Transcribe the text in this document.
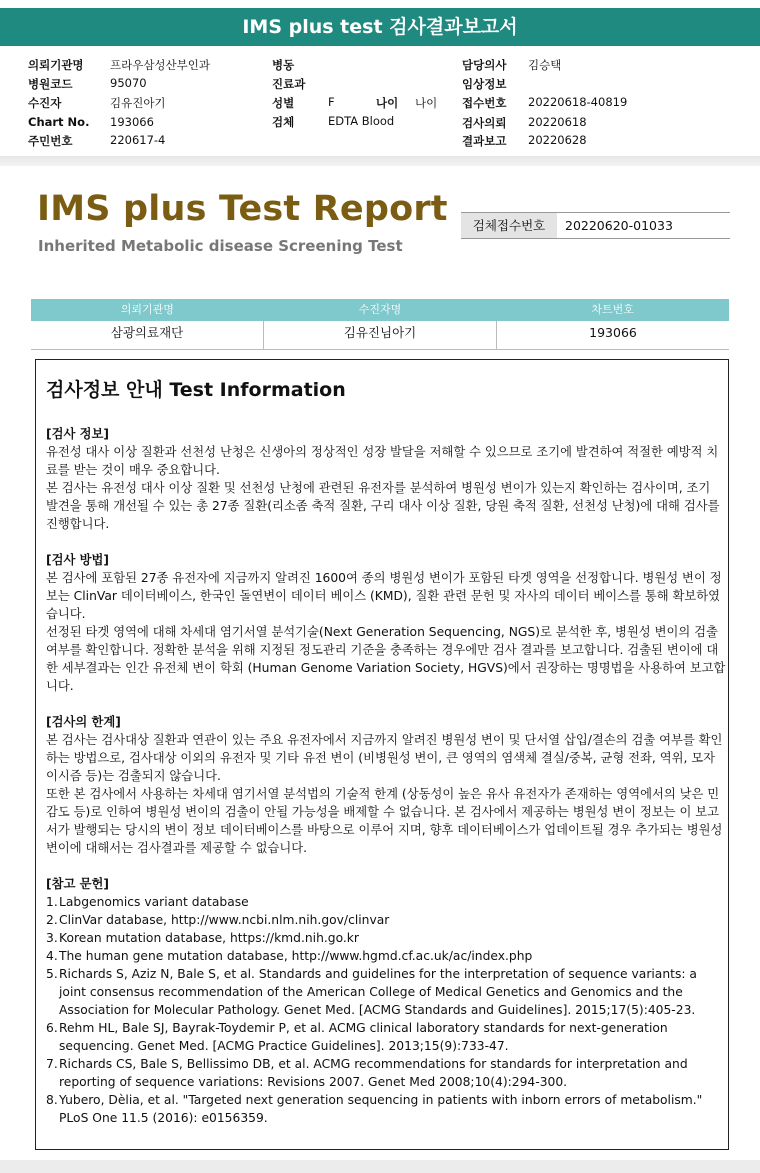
IMS plus test 검사결과보고서
의뢰기관명 프라우삼성산부인과
병원코드	95070
수진자	김유진아기
Chart No. 193066
주민번호	220617-4
병동
진료과
성별	F	나이 나이
검체	EDTA Blood
담당의사 김승택
임상정보
접수번호 20220618-40819
검사의뢰 20220618
결과보고 20220628
IMS plus Test Report
Inherited Metabolic disease Screening Test
검체접수번호	20220620-01033
의뢰기관명	수진자명	차트번호
삼광의료재단	김유진님아기	193066
검사정보 안내 Test Information

[검사 정보]

유전성 대사 이상 질환과 선천성 난청은 신생아의 정상적인 성장 발달을 저해할 수 있으므로 조기에 발견하여 적절한 예방적 치료를 받는 것이 매우 중요합니다.

본 검사는 유전성 대사 이상 질환 및 선천성 난청에 관련된 유전자를 분석하여 병원성 변이가 있는지 확인하는 검사이며, 조기 발견을 통해 개선될 수 있는 총 27종 질환(리소좀 축적 질환, 구리 대사 이상 질환, 당원 축적 질환, 선천성 난청)에 대해 검사를 진행합니다.

[검사 방법]

본 검사에 포함된 27종 유전자에 지금까지 알려진 1600여 종의 병원성 변이가 포함된 타겟 영역을 선정합니다. 병원성 변이 정보는 ClinVar 데이터베이스, 한국인 돌연변이 데이터 베이스 (KMD), 질환 관련 문헌 및 자사의 데이터 베이스를 통해 확보하였습니다.

선정된 타겟 영역에 대해 차세대 염기서열 분석기술(Next Generation Sequencing, NGS)로 분석한 후, 병원성 변이의 검출 여부를 확인합니다. 정확한 분석을 위해 지정된 정도관리 기준을 충족하는 경우에만 검사 결과를 보고합니다. 검출된 변이에 대한 세부결과는 인간 유전체 변이 학회 (Human Genome Variation Society, HGVS)에서 권장하는 명명법을 사용하여 보고합니다.

[검사의 한계]

본 검사는 검사대상 질환과 연관이 있는 주요 유전자에서 지금까지 알려진 병원성 변이 및 단서열 삽입/결손의 검출 여부를 확인하는 방법으로, 검사대상 이외의 유전자 및 기타 유전 변이 (비병원성 변이, 큰 영역의 염색체 결실/중복, 균형 전좌, 역위, 모자이시즘 등)는 검출되지 않습니다.

또한 본 검사에서 사용하는 차세대 염기서열 분석법의 기술적 한계 (상동성이 높은 유사 유전자가 존재하는 영역에서의 낮은 민감도 등)로 인하여 병원성 변이의 검출이 안될 가능성을 배제할 수 없습니다. 본 검사에서 제공하는 병원성 변이 정보는 이 보고서가 발행되는 당시의 변이 정보 데이터베이스를 바탕으로 이루어 지며, 향후 데이터베이스가 업데이트될 경우 추가되는 병원성 변이에 대해서는 검사결과를 제공할 수 없습니다.

[참고 문헌]

1. Labgenomics variant database
2. ClinVar database, http://www.ncbi.nlm.nih.gov/clinvar
3. Korean mutation database, https://kmd.nih.go.kr
4. The human gene mutation database, http://www.hgmd.cf.ac.uk/ac/index.php
5. Richards S, Aziz N, Bale S, et al. Standards and guidelines for the interpretation of sequence variants: a joint consensus recommendation of the American College of Medical Genetics and Genomics and the Association for Molecular Pathology. Genet Med. [ACMG Standards and Guidelines]. 2015;17(5):405-23.
6. Rehm HL, Bale SJ, Bayrak-Toydemir P, et al. ACMG clinical laboratory standards for next-generation sequencing. Genet Med. [ACMG Practice Guidelines]. 2013;15(9):733-47.
7. Richards CS, Bale S, Bellissimo DB, et al. ACMG recommendations for standards for interpretation and reporting of sequence variations: Revisions 2007. Genet Med 2008;10(4):294-300.
8. Yubero, Dèlia, et al. "Targeted next generation sequencing in patients with inborn errors of metabolism." PLoS One 11.5 (2016): e0156359.
